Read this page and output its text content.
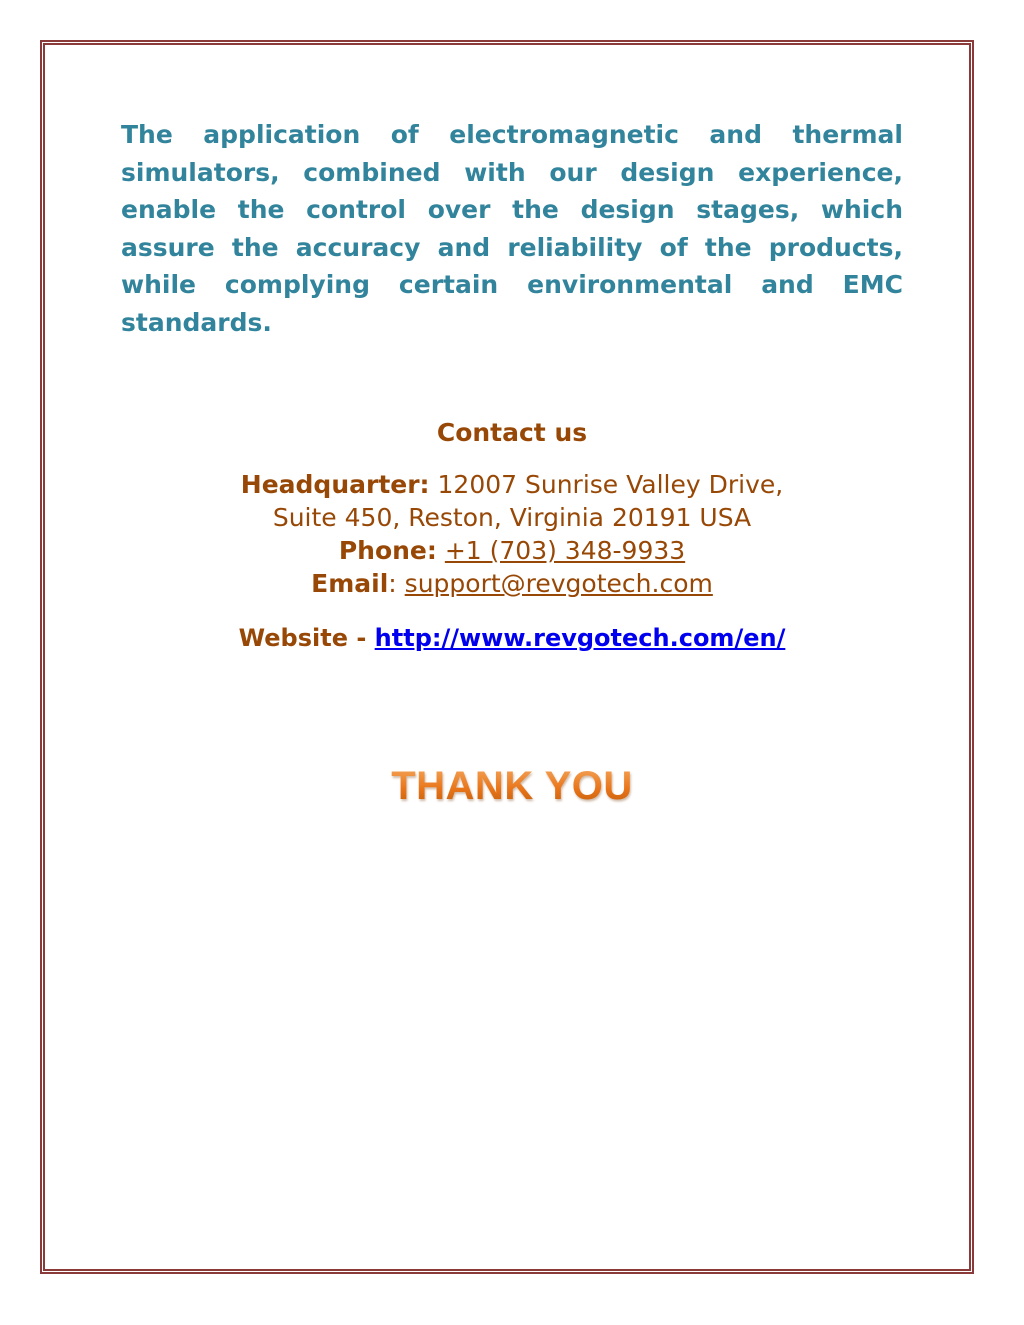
The application of electromagnetic and thermal simulators, combined with our design experience, enable the control over the design stages, which assure the accuracy and reliability of the products, while complying certain environmental and EMC standards.

Contact us
Headquarter: 12007 Sunrise Valley Drive,
Suite 450, Reston, Virginia 20191 USA
Phone: +1 (703) 348-9933
Email: support@revgotech.com
Website - http://www.revgotech.com/en/
THANK YOU
